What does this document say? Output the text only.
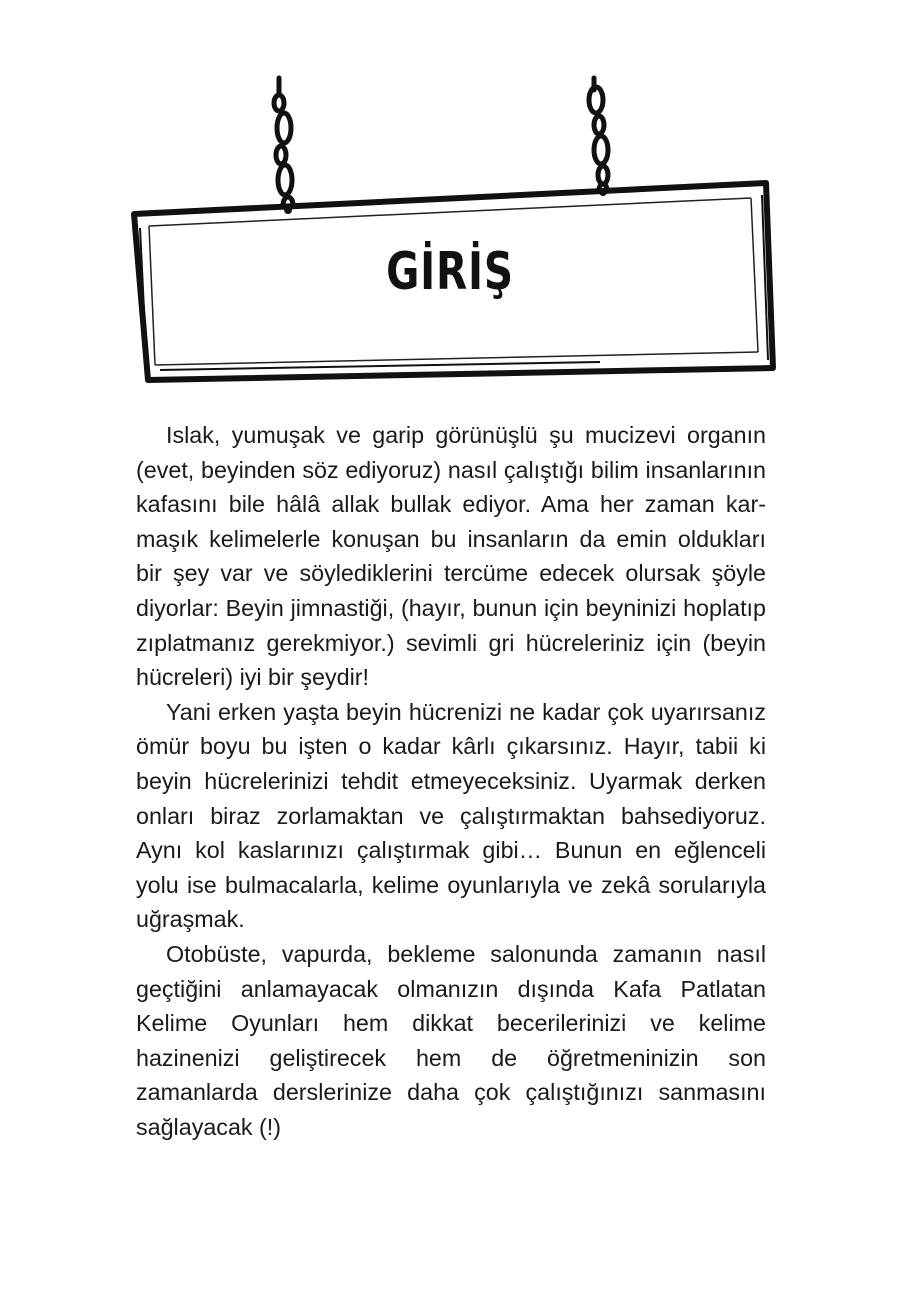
GİRİŞ

Islak, yumuşak ve garip görünüşlü şu mucizevi organın (evet, beyinden söz ediyoruz) nasıl çalıştığı bilim insanlarının kafasını bile hâlâ allak bullak ediyor. Ama her zaman karmaşık kelimelerle konuşan bu insanların da emin oldukları bir şey var ve söylediklerini tercüme edecek olursak şöyle diyorlar: Beyin jimnastiği, (hayır, bunun için beyninizi hoplatıp zıplatmanız gerekmiyor.) sevimli gri hücreleriniz için (beyin hücreleri) iyi bir şeydir!

Yani erken yaşta beyin hücrenizi ne kadar çok uyarırsanız ömür boyu bu işten o kadar kârlı çıkarsınız. Hayır, tabii ki beyin hücrelerinizi tehdit etmeyeceksiniz. Uyarmak derken onları biraz zorlamaktan ve çalıştırmaktan bahsediyoruz. Aynı kol kaslarınızı çalıştırmak gibi… Bunun en eğlenceli yolu ise bulmacalarla, kelime oyunlarıyla ve zekâ sorularıyla uğraşmak.

Otobüste, vapurda, bekleme salonunda zamanın nasıl geçtiğini anlamayacak olmanızın dışında Kafa Patlatan Kelime Oyunları hem dikkat becerilerinizi ve kelime hazinenizi geliştirecek hem de öğretmeninizin son zamanlarda derslerinize daha çok çalıştığınızı sanmasını sağlayacak (!)
